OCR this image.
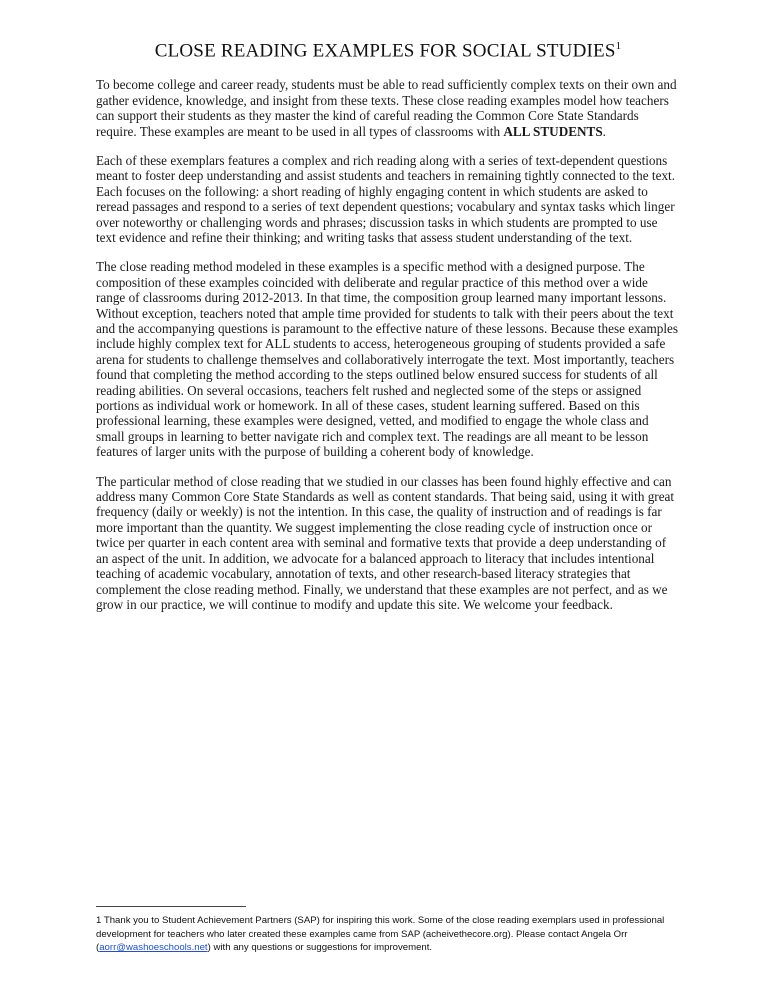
CLOSE READING EXAMPLES FOR SOCIAL STUDIES$^1$

To become college and career ready, students must be able to read sufficiently complex texts on their own and gather evidence, knowledge, and insight from these texts. These close reading examples model how teachers can support their students as they master the kind of careful reading the Common Core State Standards require. These examples are meant to be used in all types of classrooms with ALL STUDENTS.

Each of these exemplars features a complex and rich reading along with a series of text-dependent questions meant to foster deep understanding and assist students and teachers in remaining tightly connected to the text. Each focuses on the following: a short reading of highly engaging content in which students are asked to reread passages and respond to a series of text dependent questions; vocabulary and syntax tasks which linger over noteworthy or challenging words and phrases; discussion tasks in which students are prompted to use text evidence and refine their thinking; and writing tasks that assess student understanding of the text.

The close reading method modeled in these examples is a specific method with a designed purpose. The composition of these examples coincided with deliberate and regular practice of this method over a wide range of classrooms during 2012-2013. In that time, the composition group learned many important lessons. Without exception, teachers noted that ample time provided for students to talk with their peers about the text and the accompanying questions is paramount to the effective nature of these lessons. Because these examples include highly complex text for ALL students to access, heterogeneous grouping of students provided a safe arena for students to challenge themselves and collaboratively interrogate the text. Most importantly, teachers found that completing the method according to the steps outlined below ensured success for students of all reading abilities. On several occasions, teachers felt rushed and neglected some of the steps or assigned portions as individual work or homework. In all of these cases, student learning suffered. Based on this professional learning, these examples were designed, vetted, and modified to engage the whole class and small groups in learning to better navigate rich and complex text. The readings are all meant to be lesson features of larger units with the purpose of building a coherent body of knowledge.

The particular method of close reading that we studied in our classes has been found highly effective and can address many Common Core State Standards as well as content standards. That being said, using it with great frequency (daily or weekly) is not the intention. In this case, the quality of instruction and of readings is far more important than the quantity. We suggest implementing the close reading cycle of instruction once or twice per quarter in each content area with seminal and formative texts that provide a deep understanding of an aspect of the unit. In addition, we advocate for a balanced approach to literacy that includes intentional teaching of academic vocabulary, annotation of texts, and other research-based literacy strategies that complement the close reading method. Finally, we understand that these examples are not perfect, and as we grow in our practice, we will continue to modify and update this site. We welcome your feedback.

1 Thank you to Student Achievement Partners (SAP) for inspiring this work. Some of the close reading exemplars used in professional development for teachers who later created these examples came from SAP (acheivethecore.org). Please contact Angela Orr (aorr@washoeschools.net) with any questions or suggestions for improvement.
